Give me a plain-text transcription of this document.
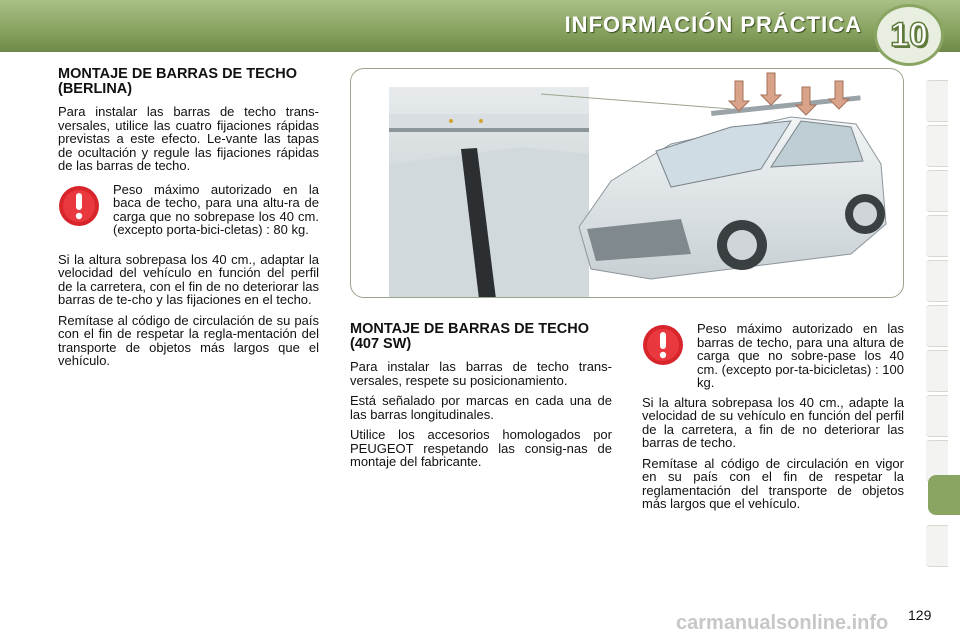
INFORMACIÓN PRÁCTICA 10
MONTAJE DE BARRAS DE TECHO (BERLINA)
Para instalar las barras de techo trans-versales, utilice las cuatro fijaciones rápidas previstas a este efecto. Le-vante las tapas de ocultación y regule las fijaciones rápidas de las barras de techo.
Peso máximo autorizado en la baca de techo, para una altu-ra de carga que no sobrepase los 40 cm. (excepto porta-bici-cletas) : 80 kg.
Si la altura sobrepasa los 40 cm., adaptar la velocidad del vehículo en función del perfil de la carretera, con el fin de no deteriorar las barras de te-cho y las fijaciones en el techo.
Remítase al código de circulación de su país con el fin de respetar la regla-mentación del transporte de objetos más largos que el vehículo.
MONTAJE DE BARRAS DE TECHO (407 SW)
Para instalar las barras de techo trans-versales, respete su posicionamiento.
Está señalado por marcas en cada una de las barras longitudinales.
Utilice los accesorios homologados por PEUGEOT respetando las consig-nas de montaje del fabricante.
Peso máximo autorizado en las barras de techo, para una altura de carga que no sobre-pase los 40 cm. (excepto por-ta-bicicletas) : 100 kg.
Si la altura sobrepasa los 40 cm., adapte la velocidad de su vehículo en función del perfil de la carretera, a fin de no deteriorar las barras de techo.
Remítase al código de circulación en vigor en su país con el fin de respetar la reglamentación del transporte de objetos más largos que el vehículo.
carmanualsonline.info 129
